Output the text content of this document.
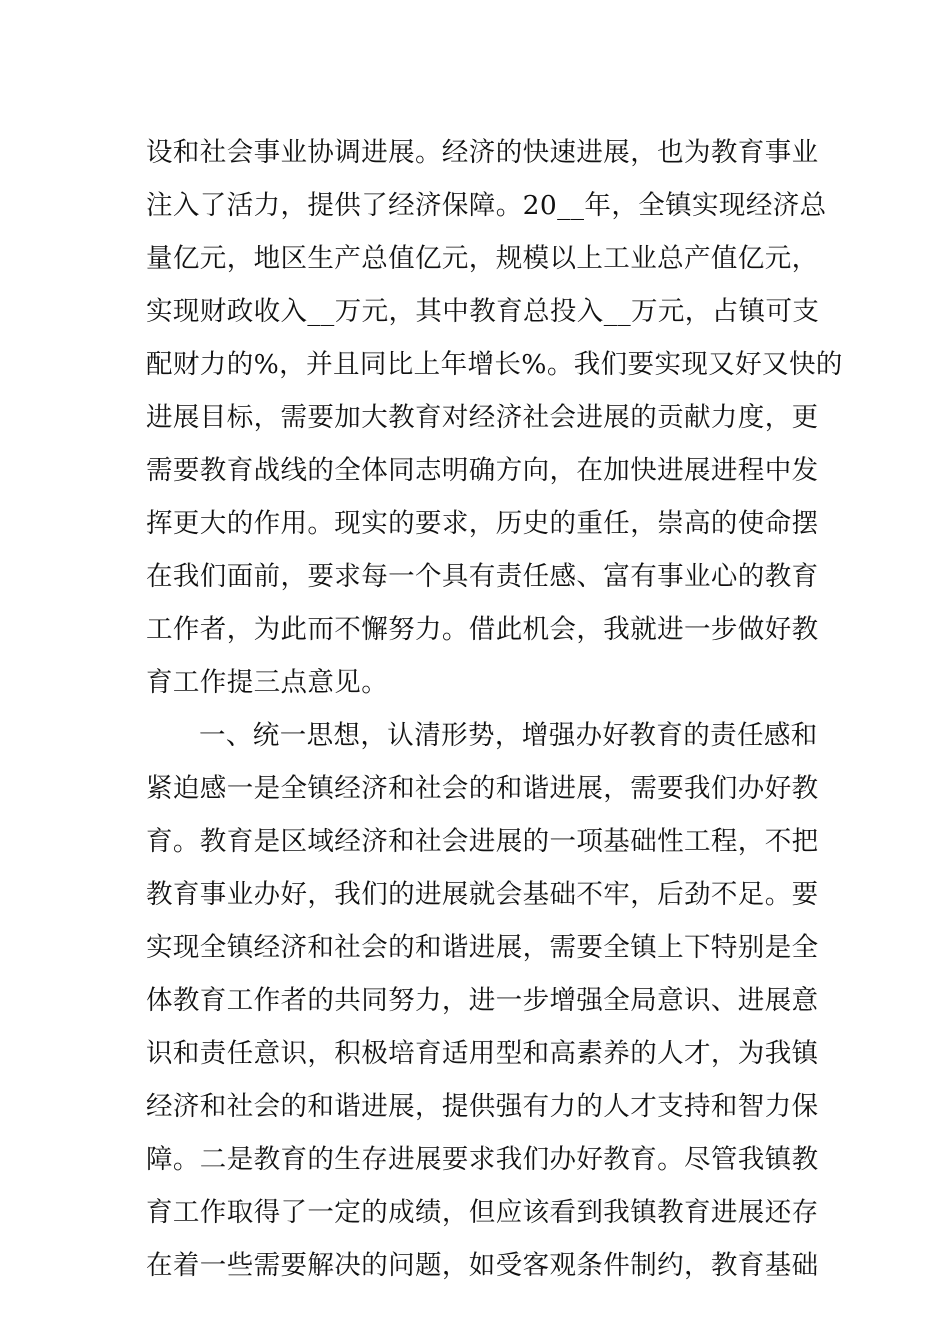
设和社会事业协调进展。经济的快速进展，也为教育事业
注入了活力，提供了经济保障。20__年，全镇实现经济总
量亿元，地区生产总值亿元，规模以上工业总产值亿元，
实现财政收入__万元，其中教育总投入__万元，占镇可支
配财力的%，并且同比上年增长%。我们要实现又好又快的
进展目标，需要加大教育对经济社会进展的贡献力度，更
需要教育战线的全体同志明确方向，在加快进展进程中发
挥更大的作用。现实的要求，历史的重任，崇高的使命摆
在我们面前，要求每一个具有责任感、富有事业心的教育
工作者，为此而不懈努力。借此机会，我就进一步做好教
育工作提三点意见。
一、统一思想，认清形势，增强办好教育的责任感和
紧迫感一是全镇经济和社会的和谐进展，需要我们办好教
育。教育是区域经济和社会进展的一项基础性工程，不把
教育事业办好，我们的进展就会基础不牢，后劲不足。要
实现全镇经济和社会的和谐进展，需要全镇上下特别是全
体教育工作者的共同努力，进一步增强全局意识、进展意
识和责任意识，积极培育适用型和高素养的人才，为我镇
经济和社会的和谐进展，提供强有力的人才支持和智力保
障。二是教育的生存进展要求我们办好教育。尽管我镇教
育工作取得了一定的成绩，但应该看到我镇教育进展还存
在着一些需要解决的问题，如受客观条件制约，教育基础
